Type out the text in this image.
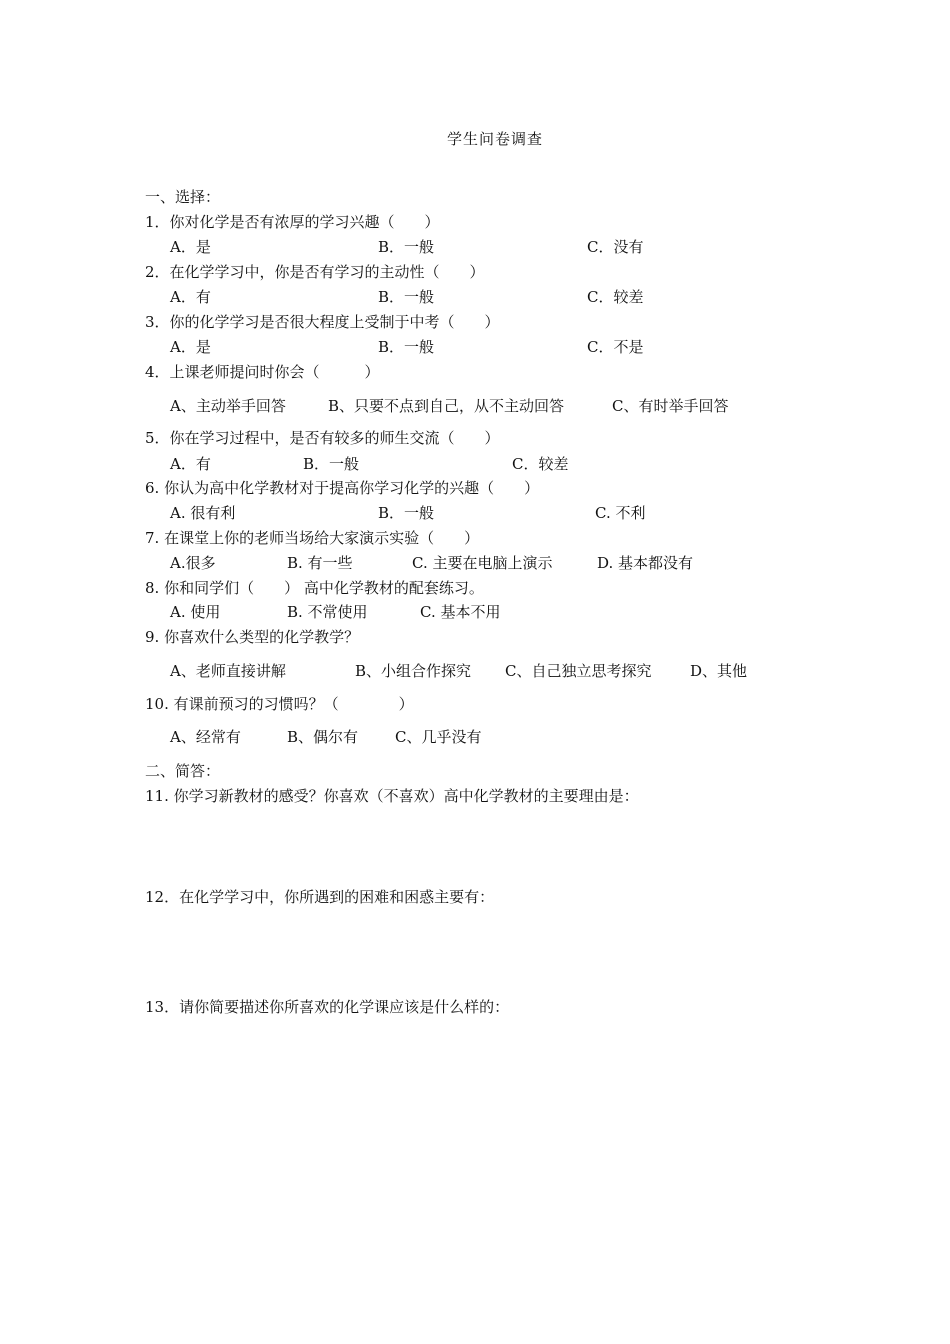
学生问卷调查
一、选择：
1．你对化学是否有浓厚的学习兴趣（　　）
A．是	B．一般	C．没有
2．在化学学习中，你是否有学习的主动性（　　）
A．有	B．一般	C．较差
3．你的化学学习是否很大程度上受制于中考（　　）
A．是	B．一般	C．不是
4．上课老师提问时你会（　　　）
A、主动举手回答	B、只要不点到自己，从不主动回答	C、有时举手回答
5．你在学习过程中，是否有较多的师生交流（　　）
A．有	B．一般	C．较差
6. 你认为高中化学教材对于提高你学习化学的兴趣（　　）
A. 很有利	B．一般	C. 不利
7. 在课堂上你的老师当场给大家演示实验（　　）
A.很多	B. 有一些	C. 主要在电脑上演示	D. 基本都没有
8. 你和同学们（　　） 高中化学教材的配套练习。
A. 使用	B. 不常使用	C. 基本不用
9. 你喜欢什么类型的化学教学？
A、老师直接讲解	B、小组合作探究 C、自己独立思考探究	D、其他
10. 有课前预习的习惯吗？（　　　　）
A、经常有	B、偶尔有 C、几乎没有
二、简答：
11. 你学习新教材的感受？你喜欢（不喜欢）高中化学教材的主要理由是：
12．在化学学习中，你所遇到的困难和困惑主要有：
13．请你简要描述你所喜欢的化学课应该是什么样的：
